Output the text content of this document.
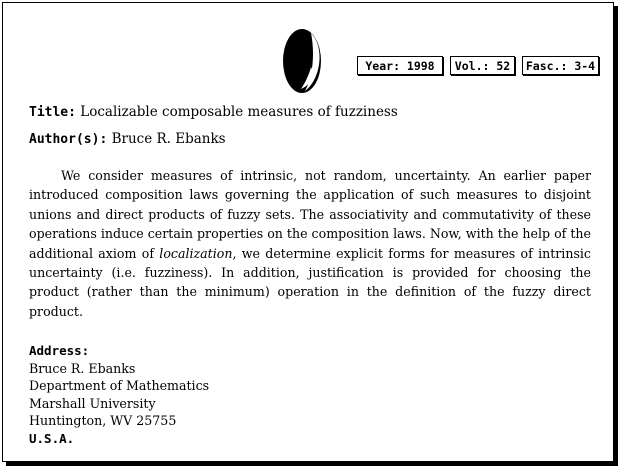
Year: 1998	Vol.: 52	Fasc.: 3-4
Title: Localizable composable measures of fuzziness
Author(s): Bruce R. Ebanks

We consider measures of intrinsic, not random, uncertainty. An earlier paper introduced composition laws governing the application of such measures to disjoint unions and direct products of fuzzy sets. The associativity and commutativity of these operations induce certain properties on the composition laws. Now, with the help of the additional axiom of localization, we determine explicit forms for measures of intrinsic uncertainty (i.e. fuzziness). In addition, justification is provided for choosing the product (rather than the minimum) operation in the definition of the fuzzy direct product.

Address:
Bruce R. Ebanks
Department of Mathematics
Marshall University
Huntington, WV 25755
U.S.A.
